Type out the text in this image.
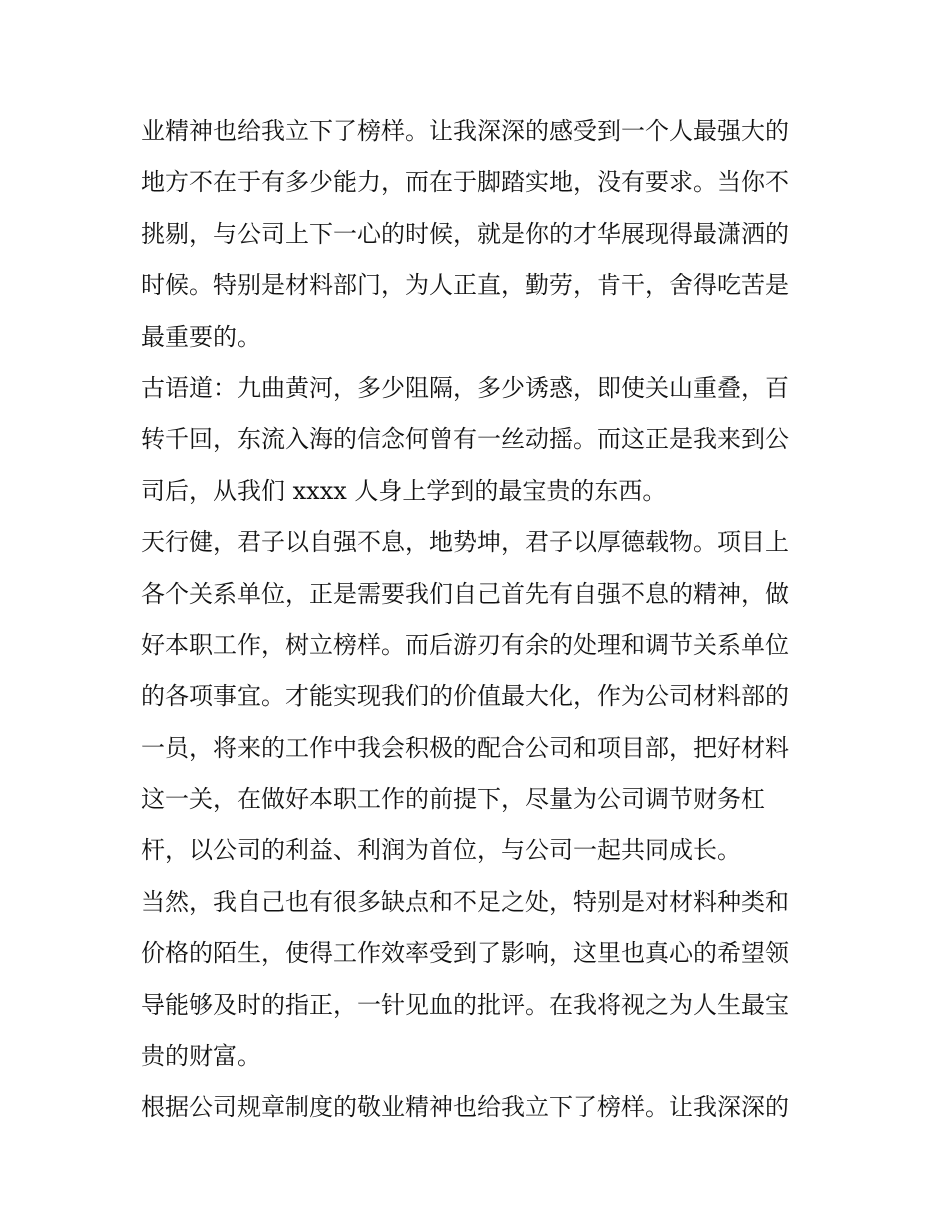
业精神也给我立下了榜样。让我深深的感受到一个人最强大的
地方不在于有多少能力，而在于脚踏实地，没有要求。当你不
挑剔，与公司上下一心的时候，就是你的才华展现得最潇洒的
时候。特别是材料部门，为人正直，勤劳，肯干，舍得吃苦是
最重要的。
古语道：九曲黄河，多少阻隔，多少诱惑，即使关山重叠，百
转千回，东流入海的信念何曾有一丝动摇。而这正是我来到公
司后，从我们 xxxx 人身上学到的最宝贵的东西。
天行健，君子以自强不息，地势坤，君子以厚德载物。项目上
各个关系单位，正是需要我们自己首先有自强不息的精神，做
好本职工作，树立榜样。而后游刃有余的处理和调节关系单位
的各项事宜。才能实现我们的价值最大化，作为公司材料部的
一员，将来的工作中我会积极的配合公司和项目部，把好材料
这一关，在做好本职工作的前提下，尽量为公司调节财务杠
杆，以公司的利益、利润为首位，与公司一起共同成长。
当然，我自己也有很多缺点和不足之处，特别是对材料种类和
价格的陌生，使得工作效率受到了影响，这里也真心的希望领
导能够及时的指正，一针见血的批评。在我将视之为人生最宝
贵的财富。
根据公司规章制度的敬业精神也给我立下了榜样。让我深深的
